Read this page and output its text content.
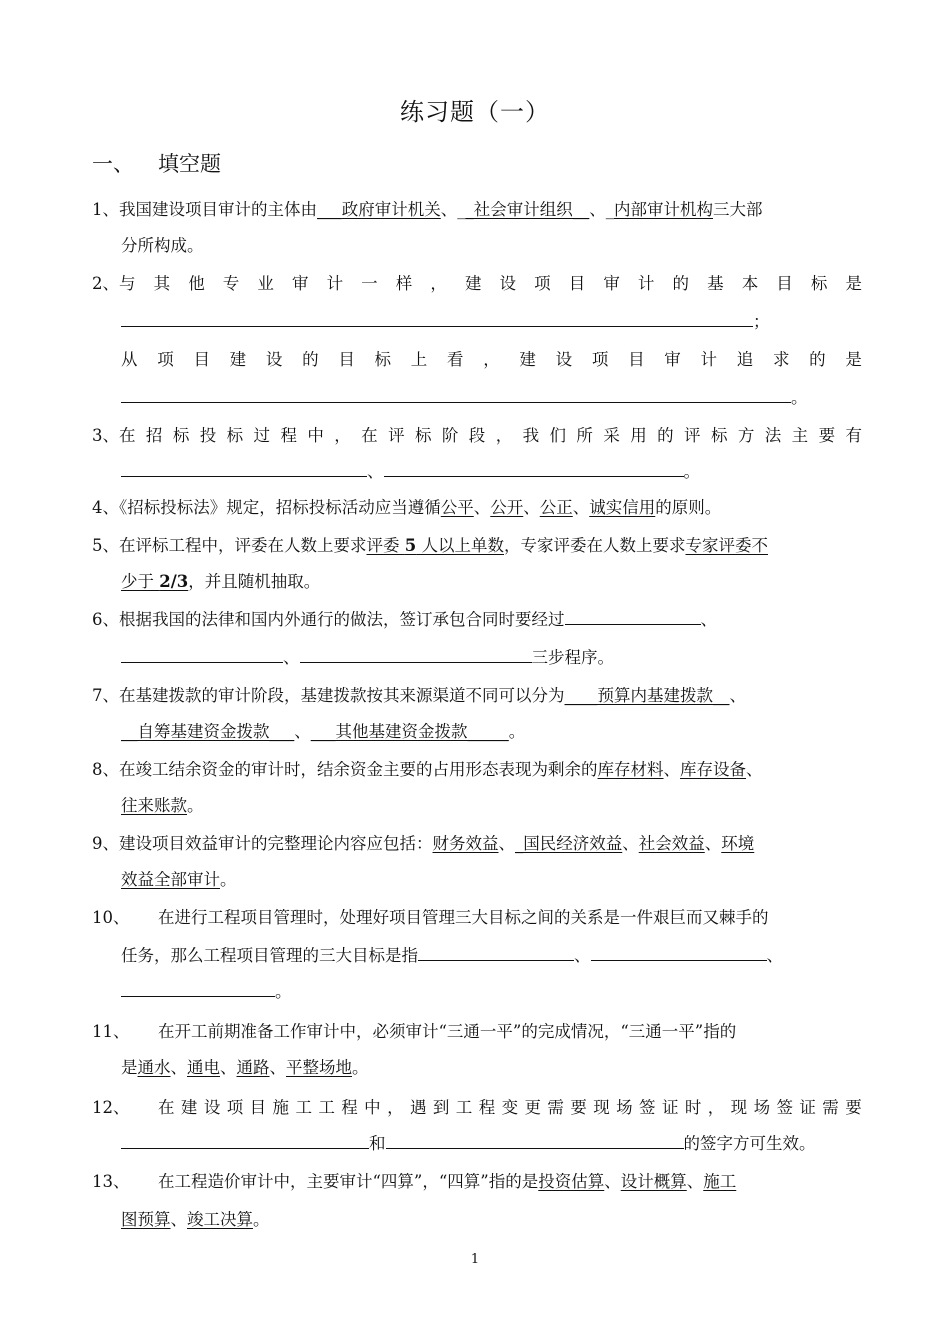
练习题（一）
一、 填空题
1、我国建设项目审计的主体由___政府审计机关、__社会审计组织__、_内部审计机构三大部
分所构成。
2、与 其 他 专 业 审 计 一 样 ， 建 设 项 目 审 计 的 基 本 目 标 是
；
从 项 目 建 设 的 目 标 上 看 ， 建 设 项 目 审 计 追 求 的 是
。
3、在 招 标 投 标 过 程 中 ， 在 评 标 阶 段 ， 我 们 所 采 用 的 评 标 方 法 主 要 有
、	。
4、《招标投标法》规定，招标投标活动应当遵循公平、公开、公正、诚实信用的原则。
5、在评标工程中，评委在人数上要求评委 5 人以上单数，专家评委在人数上要求专家评委不
少于 2/3，并且随机抽取。
6、根据我国的法律和国内外通行的做法，签订承包合同时要经过	、
、	三步程序。
7、在基建拨款的审计阶段，基建拨款按其来源渠道不同可以分为____预算内基建拨款__、
__自筹基建资金拨款___、___其他基建资金拨款_____。
8、在竣工结余资金的审计时，结余资金主要的占用形态表现为剩余的库存材料、库存设备、
往来账款。
9、建设项目效益审计的完整理论内容应包括：财务效益、_国民经济效益、社会效益、环境
效益全部审计。
10、 在进行工程项目管理时，处理好项目管理三大目标之间的关系是一件艰巨而又棘手的
任务，那么工程项目管理的三大目标是指	、	、
。
11、 在开工前期准备工作审计中，必须审计“三通一平”的完成情况，“三通一平”指的
是通水、通电、通路、平整场地。
12、	在 建 设 项 目 施 工 工 程 中 ， 遇 到 工 程 变 更 需 要 现 场 签 证 时 ， 现 场 签 证 需 要
和	的签字方可生效。
13、 在工程造价审计中，主要审计“四算”，“四算”指的是投资估算、设计概算、施工
图预算、竣工决算。
1
